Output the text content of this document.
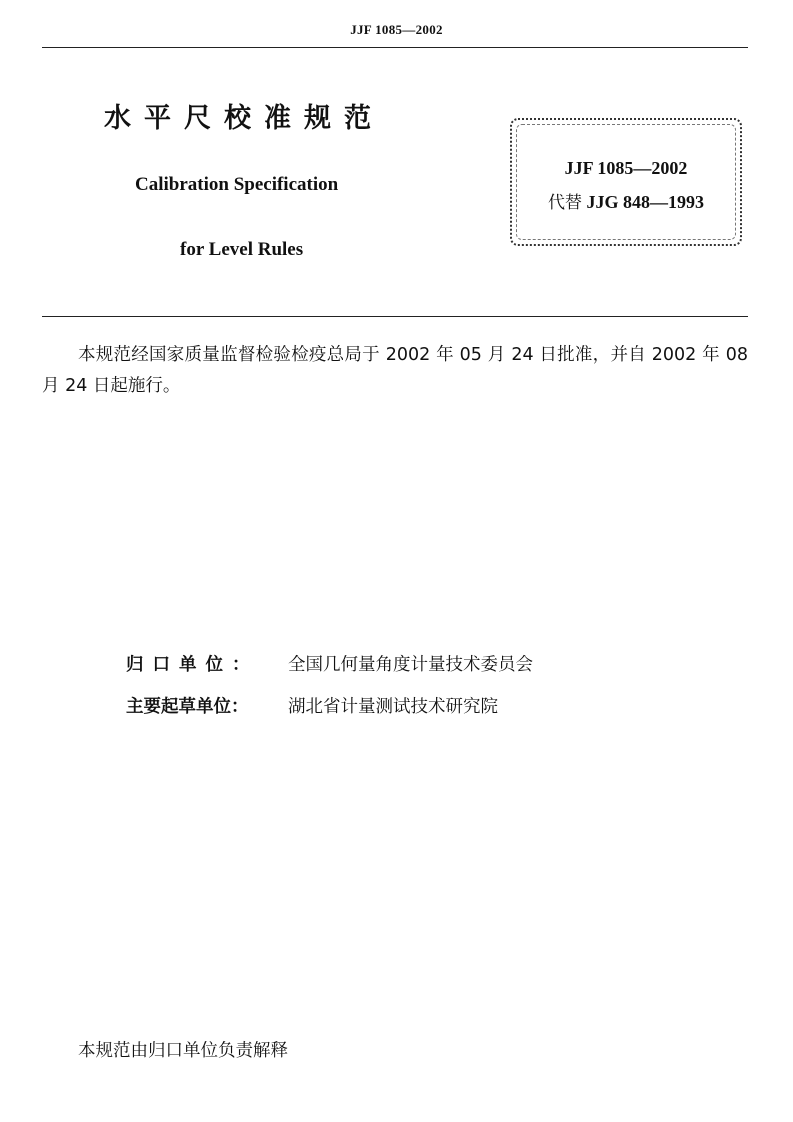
JJF 1085—2002
水平尺校准规范
Calibration Specification
for Level Rules
JJF 1085—2002
代替 JJG 848—1993
本规范经国家质量监督检验检疫总局于 2002 年 05 月 24 日批准，并自 2002 年 08 月 24 日起施行。
归口单位： 全国几何量角度计量技术委员会
主要起草单位： 湖北省计量测试技术研究院
本规范由归口单位负责解释
